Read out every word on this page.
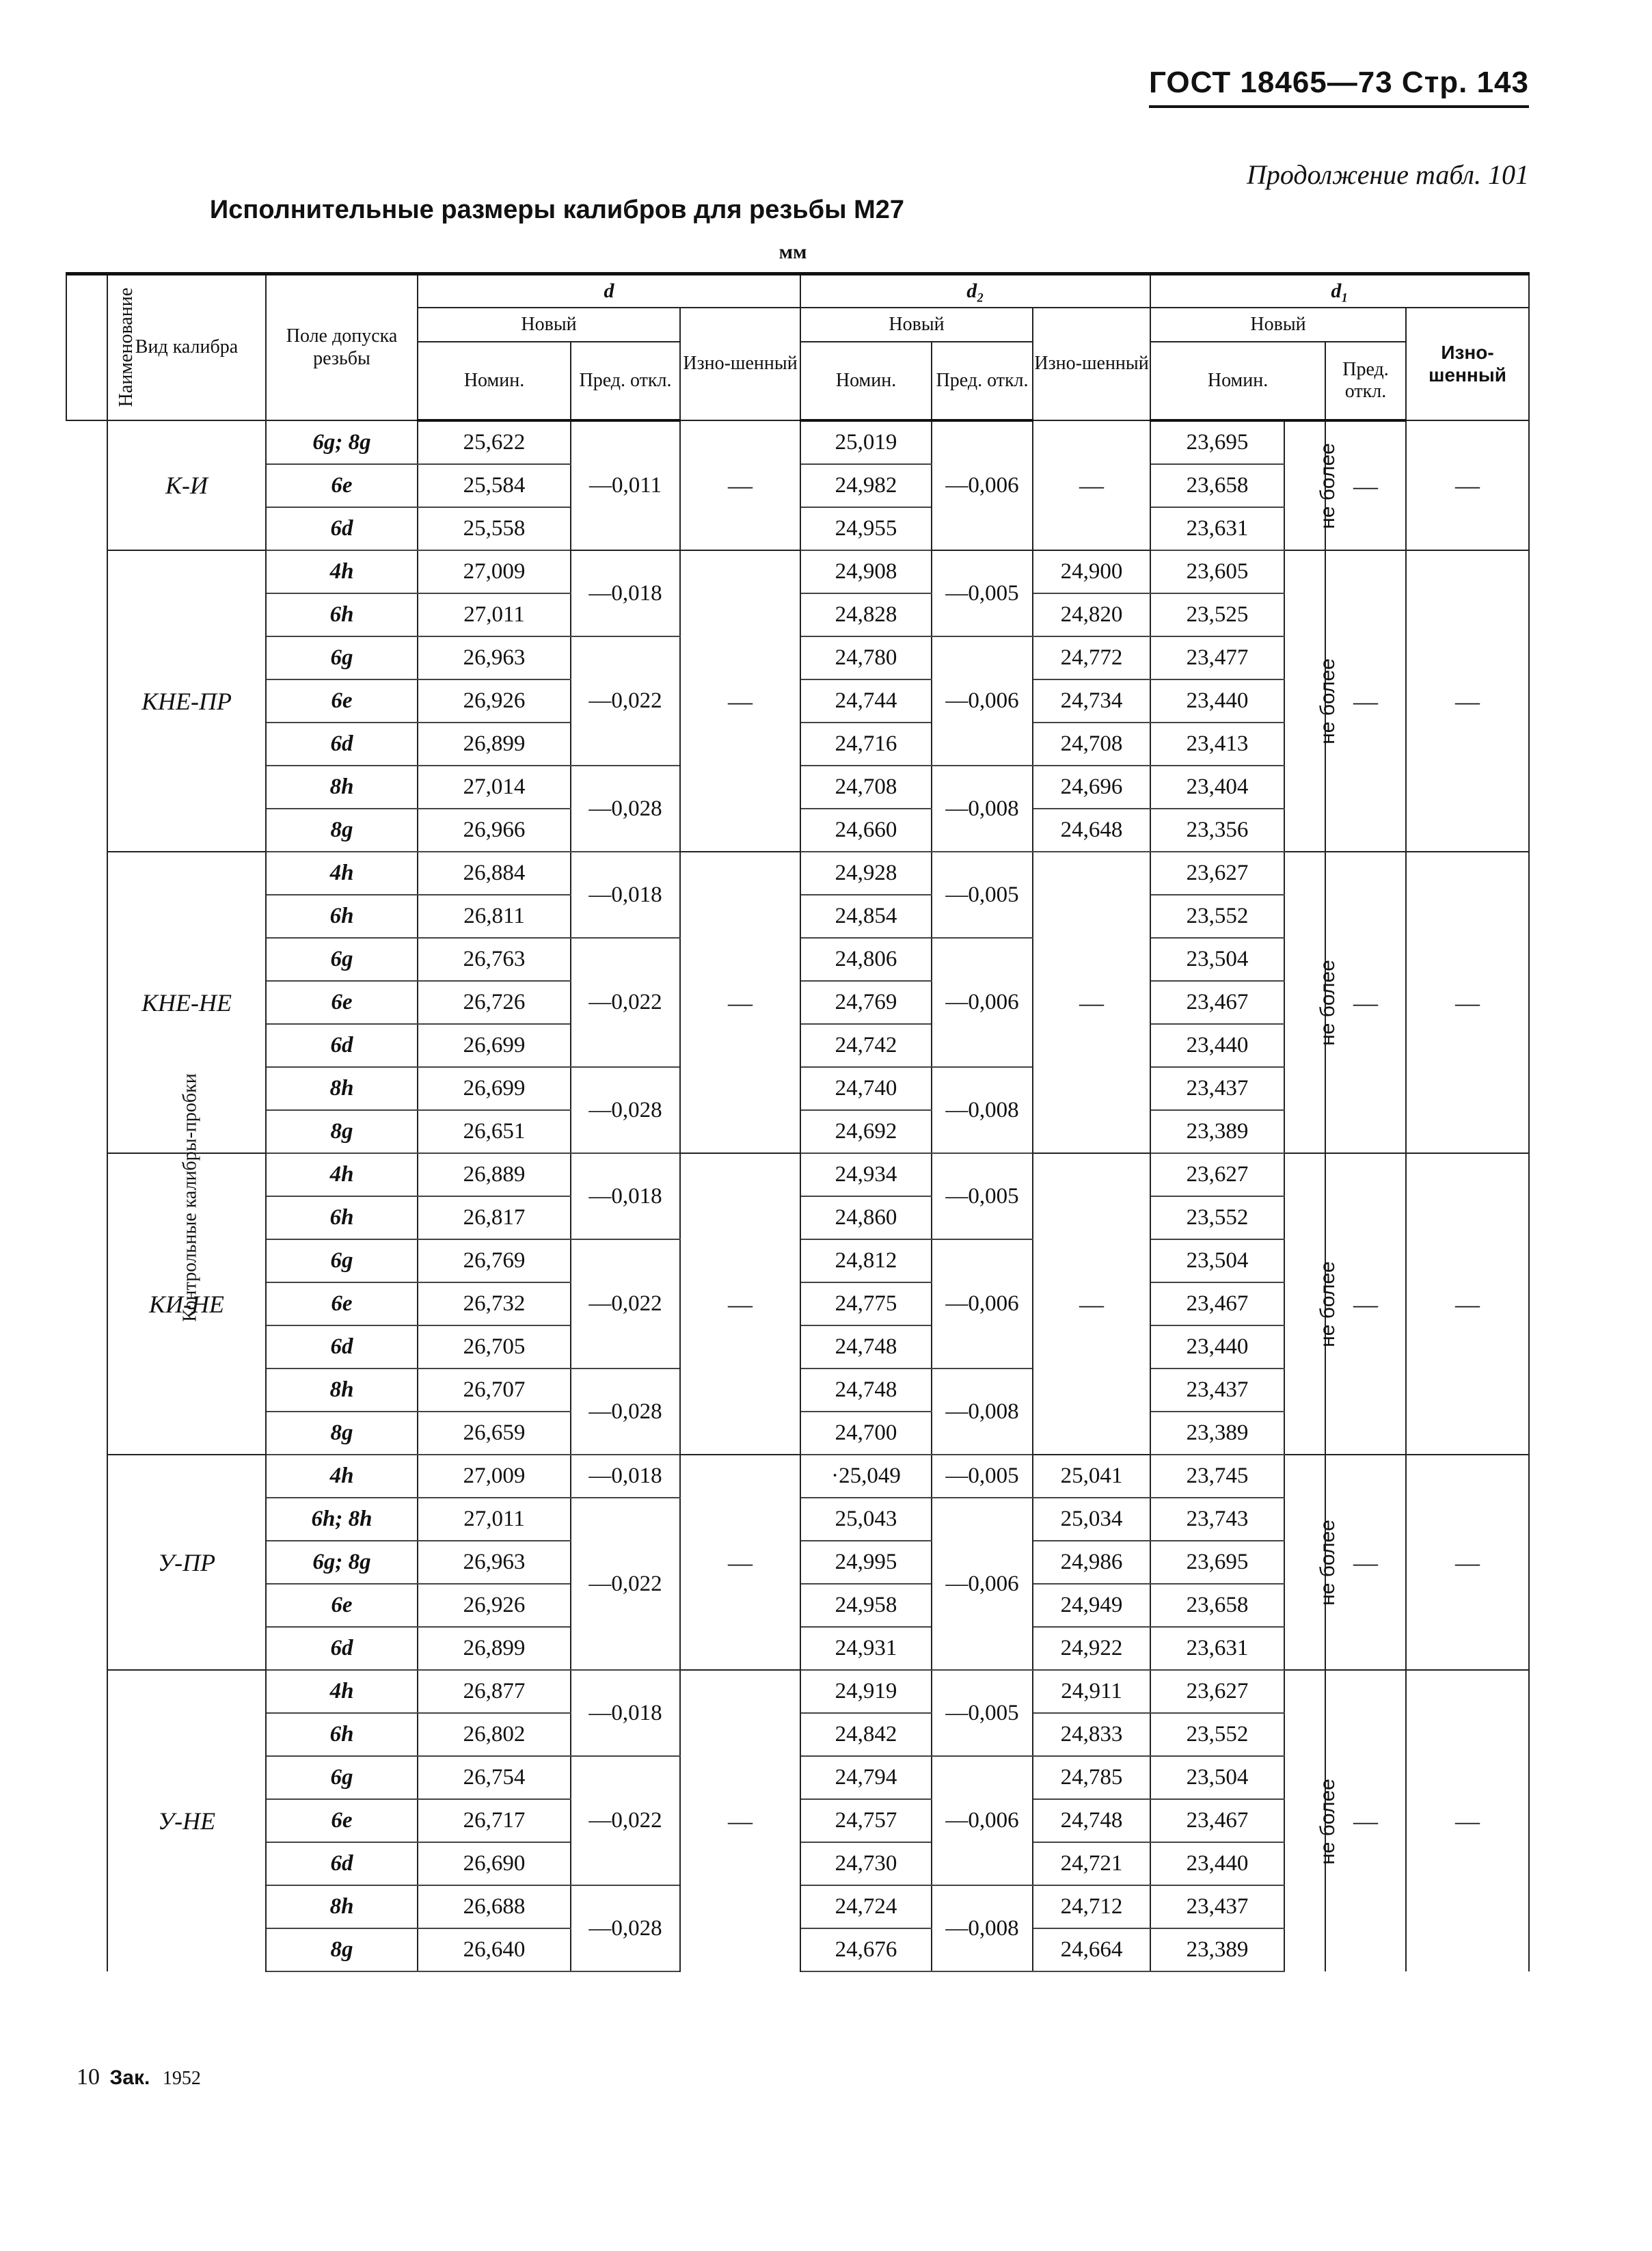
ГОСТ 18465—73 Стр. 143
Продолжение табл. 101
Исполнительные размеры калибров для резьбы М27
мм
Наименование	Вид калибра	Поле допуска резьбы	d			d₂			d₁			
			Новый		Изно-шенный	Новый		Изно-шенный	Новый			Изно-шенный
			Номин.	Пред. откл.		Номин.	Пред. откл.		Номин.		Пред. откл.	
Контрольные калибры-пробки	К-И	6g; 8g	25,622	—0,011	—	25,019	—0,006	—	23,695	не более	—	—
		6e	25,584			24,982			23,658			
		6d	25,558			24,955			23,631			
	КНЕ-ПР	4h	27,009	—0,018	—	24,908	—0,005	24,900	23,605	не более	—	—
		6h	27,011			24,828		24,820	23,525			
		6g	26,963	—0,022		24,780	—0,006	24,772	23,477			
		6e	26,926			24,744		24,734	23,440			
		6d	26,899			24,716		24,708	23,413			
		8h	27,014	—0,028		24,708	—0,008	24,696	23,404			
		8g	26,966			24,660		24,648	23,356			
	КНЕ-НЕ	4h	26,884	—0,018	—	24,928	—0,005	—	23,627	не более	—	—
		6h	26,811			24,854			23,552			
		6g	26,763	—0,022		24,806	—0,006		23,504			
		6e	26,726			24,769			23,467			
		6d	26,699			24,742			23,440			
		8h	26,699	—0,028		24,740	—0,008		23,437			
		8g	26,651			24,692			23,389			
	КИ-НЕ	4h	26,889	—0,018	—	24,934	—0,005	—	23,627	не более	—	—
		6h	26,817			24,860			23,552			
		6g	26,769	—0,022		24,812	—0,006		23,504			
		6e	26,732			24,775			23,467			
		6d	26,705			24,748			23,440			
		8h	26,707	—0,028		24,748	—0,008		23,437			
		8g	26,659			24,700			23,389			
	У-ПР	4h	27,009	—0,018	—	·25,049	—0,005	25,041	23,745	не более	—	—
		6h; 8h	27,011	—0,022		25,043	—0,006	25,034	23,743			
		6g; 8g	26,963			24,995		24,986	23,695			
		6e	26,926			24,958		24,949	23,658			
		6d	26,899			24,931		24,922	23,631			
	У-НЕ	4h	26,877	—0,018	—	24,919	—0,005	24,911	23,627	не более	—	—
		6h	26,802			24,842		24,833	23,552			
		6g	26,754	—0,022		24,794	—0,006	24,785	23,504			
		6e	26,717			24,757		24,748	23,467			
		6d	26,690			24,730		24,721	23,440			
		8h	26,688	—0,028		24,724	—0,008	24,712	23,437			
		8g	26,640			24,676		24,664	23,389			
10 Зак. 1952
